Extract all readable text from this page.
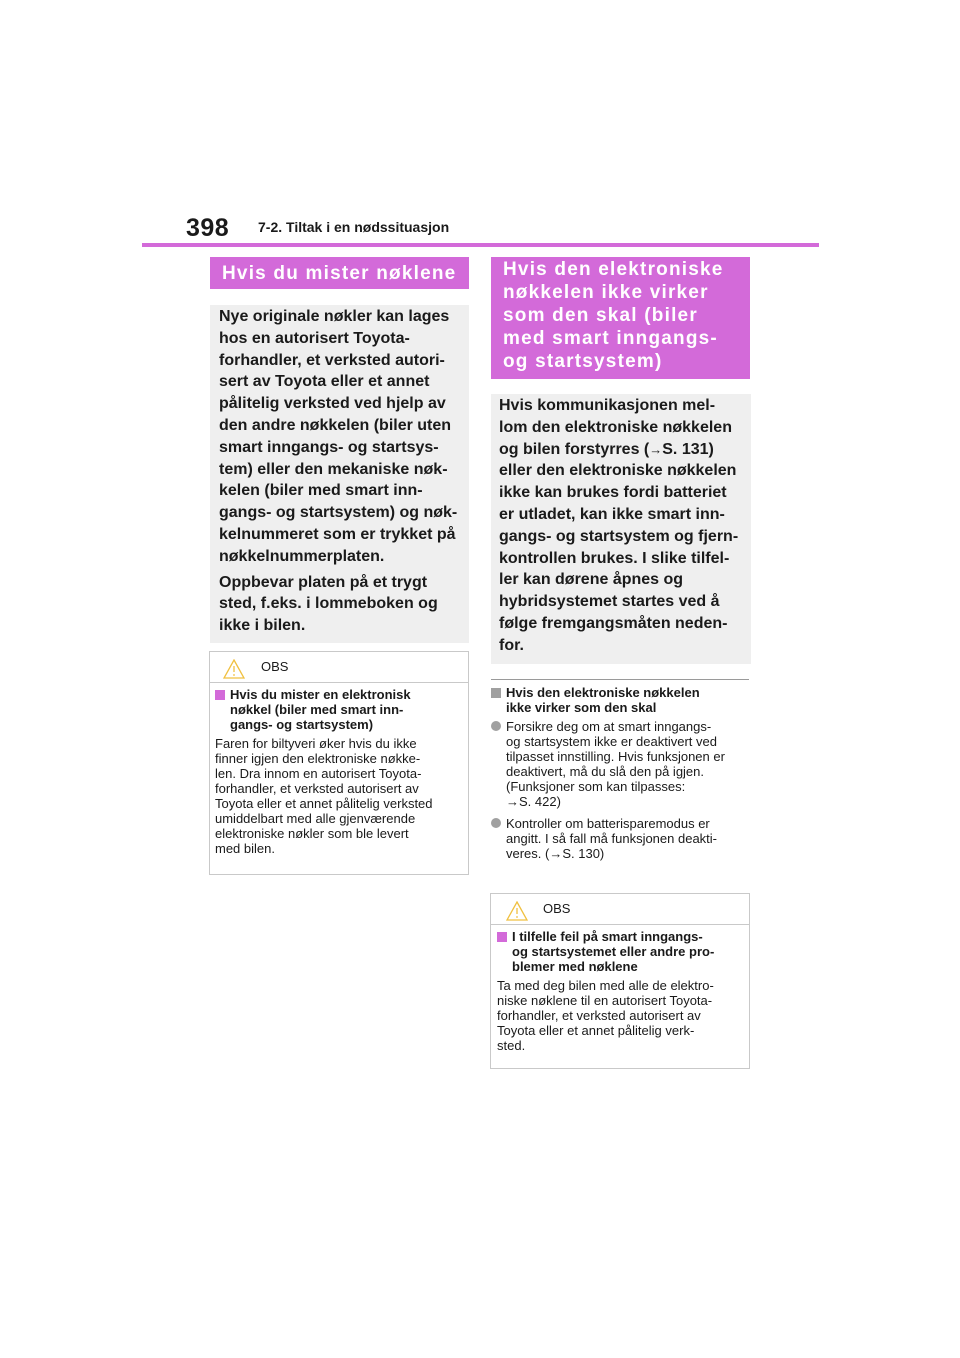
398 7-2. Tiltak i en nødssituasjon
Hvis du mister nøklene

Nye originale nøkler kan lages
hos en autorisert Toyota-
forhandler, et verksted autori-
sert av Toyota eller et annet
pålitelig verksted ved hjelp av
den andre nøkkelen (biler uten
smart inngangs- og startsys-
tem) eller den mekaniske nøk-
kelen (biler med smart inn-
gangs- og startsystem) og nøk-
kelnummeret som er trykket på
nøkkelnummerplaten.

Oppbevar platen på et trygt
sted, f.eks. i lommeboken og
ikke i bilen.

OBS
Hvis du mister en elektronisk
nøkkel (biler med smart inn-
gangs- og startsystem)
Faren for biltyveri øker hvis du ikke
finner igjen den elektroniske nøkke-
len. Dra innom en autorisert Toyota-
forhandler, et verksted autorisert av
Toyota eller et annet pålitelig verksted
umiddelbart med alle gjenværende
elektroniske nøkler som ble levert
med bilen.
Hvis den elektroniske
nøkkelen ikke virker
som den skal (biler
med smart inngangs-
og startsystem)

Hvis kommunikasjonen mel-
lom den elektroniske nøkkelen
og bilen forstyrres (→S. 131)
eller den elektroniske nøkkelen
ikke kan brukes fordi batteriet
er utladet, kan ikke smart inn-
gangs- og startsystem og fjern-
kontrollen brukes. I slike tilfel-
ler kan dørene åpnes og
hybridsystemet startes ved å
følge fremgangsmåten neden-
for.

Hvis den elektroniske nøkkelen
ikke virker som den skal
Forsikre deg om at smart inngangs-
og startsystem ikke er deaktivert ved
tilpasset innstilling. Hvis funksjonen er
deaktivert, må du slå den på igjen.
(Funksjoner som kan tilpasses:
→S. 422)
Kontroller om batterisparemodus er
angitt. I så fall må funksjonen deakti-
veres. (→S. 130)
OBS
I tilfelle feil på smart inngangs-
og startsystemet eller andre pro-
blemer med nøklene
Ta med deg bilen med alle de elektro-
niske nøklene til en autorisert Toyota-
forhandler, et verksted autorisert av
Toyota eller et annet pålitelig verk-
sted.
